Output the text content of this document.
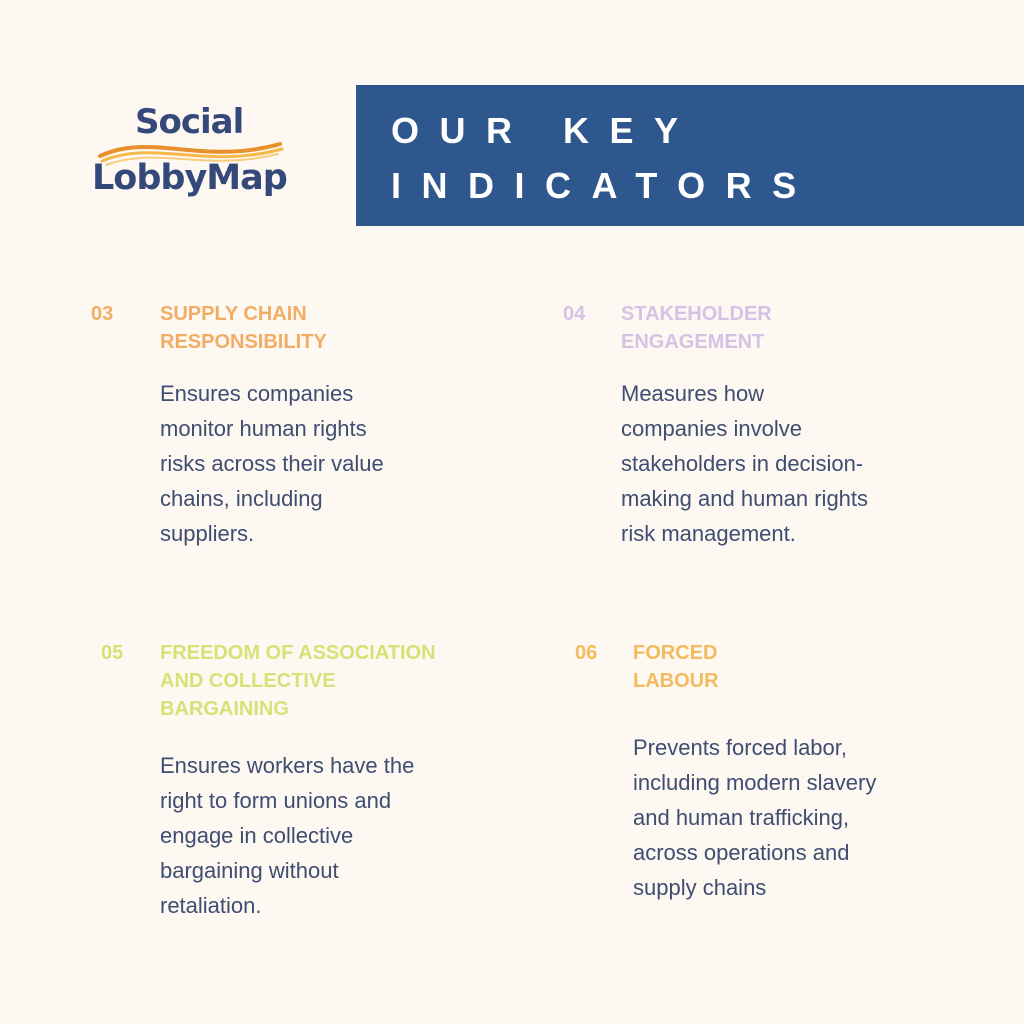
Social
LobbyMap
OUR KEY
INDICATORS
03 SUPPLY CHAIN
RESPONSIBILITY

Ensures companies
monitor human rights
risks across their value
chains, including
suppliers.

04 STAKEHOLDER
ENGAGEMENT

Measures how
companies involve
stakeholders in decision-
making and human rights
risk management.

05 FREEDOM OF ASSOCIATION
AND COLLECTIVE
BARGAINING

Ensures workers have the
right to form unions and
engage in collective
bargaining without
retaliation.

06 FORCED
LABOUR

Prevents forced labor,
including modern slavery
and human trafficking,
across operations and
supply chains
